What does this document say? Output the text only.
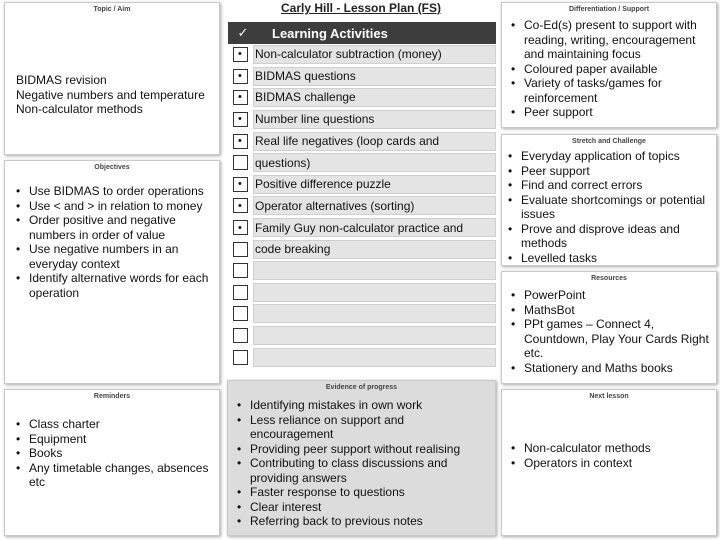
Topic / Aim
BIDMAS revision
Negative numbers and temperature
Non-calculator methods
Objectives
• Use BIDMAS to order operations
• Use < and > in relation to money
• Order positive and negative numbers in order of value
• Use negative numbers in an everyday context
• Identify alternative words for each operation
Reminders
• Class charter
• Equipment
• Books
• Any timetable changes, absences etc
Carly Hill - Lesson Plan (FS)
✓	Learning Activities
• Non-calculator subtraction (money)
• BIDMAS questions
• BIDMAS challenge
• Number line questions
• Real life negatives (loop cards and questions)
• Positive difference puzzle
• Operator alternatives (sorting)
• Family Guy non-calculator practice and code breaking
Evidence of progress
• Identifying mistakes in own work
• Less reliance on support and encouragement
• Providing peer support without realising
• Contributing to class discussions and providing answers
• Faster response to questions
• Clear interest
• Referring back to previous notes
Differentiation / Support
• Co-Ed(s) present to support with reading, writing, encouragement and maintaining focus
• Coloured paper available
• Variety of tasks/games for reinforcement
• Peer support
Stretch and Challenge
• Everyday application of topics
• Peer support
• Find and correct errors
• Evaluate shortcomings or potential issues
• Prove and disprove ideas and methods
• Levelled tasks
Resources
• PowerPoint
• MathsBot
• PPt games – Connect 4, Countdown, Play Your Cards Right etc.
• Stationery and Maths books
Next lesson
• Non-calculator methods
• Operators in context
